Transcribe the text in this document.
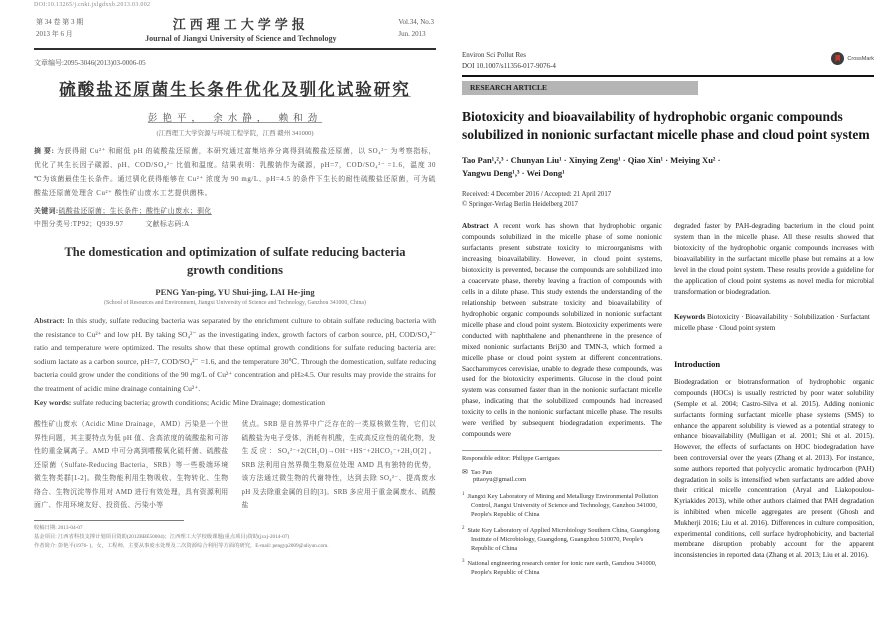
DOI:10.13265/j.cnki.jxlgdxxb.2013.03.002
第 34 卷 第 3 期
2013 年 6 月
江西理工大学学报
Journal of Jiangxi University of Science and Technology
Vol.34, No.3
Jun. 2013
文章编号:2095-3046(2013)03-0006-05
硫酸盐还原菌生长条件优化及驯化试验研究
彭艳平， 余水静， 赖和劲
(江西理工大学资源与环境工程学院，江西 赣州 341000)

摘 要: 为获得耐 Cu²⁺ 和耐低 pH 的硫酸盐还原菌，本研究通过富集培养分离得到硫酸盐还原菌，以 SO₄²⁻ 为考察指标，优化了其生长因子碳源、pH、COD/SO₄²⁻ 比值和温度。结果表明：乳酸钠作为碳源，pH=7，COD/SO₄²⁻ =1.6，温度 30 ℃为该菌最佳生长条件。通过驯化获得能够在 Cu²⁺ 浓度为 90 mg/L、pH=4.5 的条件下生长的耐性硫酸盐还原菌，可为硫酸盐还原菌处理含 Cu²⁺ 酸性矿山废水工艺提供菌株。

关键词:硫酸盐还原菌；生长条件；酸性矿山废水；驯化
中图分类号:TP92；Q939.97	文献标志码:A
The domestication and optimization of sulfate reducing bacteria
growth conditions
PENG Yan-ping, YU Shui-jing, LAI He-jing
(School of Resources and Environment, Jiangxi University of Science and Technology, Ganzhou 341000, China)

Abstract: In this study, sulfate reducing bacteria was separated by the enrichment culture to obtain sulfate reducing bacteria with the resistance to Cu²⁺ and low pH. By taking SO₄²⁻ as the investigating index, growth factors of carbon source, pH, COD/SO₄²⁻ ratio and temperature were optimized. The results show that these optimal growth conditions for sulfate reducing bacteria are: sodium lactate as a carbon source, pH=7, COD/SO₄²⁻ =1.6, and the temperature 30℃. Through the domestication, sulfate reducing bacteria could grow under the conditions of the 90 mg/L of Cu²⁺ concentration and pH≥4.5. Our results may provide the strains for the treatment of acidic mine drainage containing Cu²⁺.

Key words: sulfate reducing bacteria; growth conditions; Acidic Mine Drainage; domestication

酸性矿山废水（Acidic Mine Drainage，AMD）污染是一个世界性问题，其主要特点为低 pH 值、含高浓度的硫酸盐和可溶性的重金属离子。AMD 中可分离到嗜酸氧化硫杆菌、硫酸盐还原菌（Sulfate-Reducing Bacteria，SRB）等一些极端环境微生物类群[1-2]。微生物能利用生物吸收、生物转化、生物络合、生物沉淀等作用对 AMD 进行有效处理，具有资源利用面广、作用环境友好、投资低、污染小等

优点。SRB 是自然界中广泛存在的一类原核微生物，它们以硫酸盐为电子受体，消耗有机酸，生成高反应性的硫化物，发生反应：SO₄²⁻+2(CH₂O)→OH⁻+HS⁻+2HCO₃⁻+2H₂O[2]。SRB 法利用自然界微生物原位处理 AMD 具有独特的优势，该方法通过微生物的代谢特性，达到去除 SO₄²⁻、提高废水 pH 及去除重金属的目的[3]。SRB 多应用于重金属废水、硫酸盐

收稿日期: 2013-04-07
基金项目: 江西省科技支撑计划项目资助(2012BBE50004)；江西理工大学校级课题(重点项目)资助(jxxj-2014-07)
作者简介: 彭艳平(1976- )，女，工程师，主要从事废水处理及二次资源综合利用等方面的研究，E-mail: pengyp2009@aliyun.com.
Environ Sci Pollut Res
DOI 10.1007/s11356-017-9076-4
CrossMark
RESEARCH ARTICLE
Biotoxicity and bioavailability of hydrophobic organic compounds solubilized in nonionic surfactant micelle phase and cloud point system
Tao Pan¹,²,³ · Chunyan Liu¹ · Xinying Zeng¹ · Qiao Xin¹ · Meiying Xu² ·
Yangwu Deng¹,³ · Wei Dong¹
Received: 4 December 2016 / Accepted: 21 April 2017
© Springer-Verlag Berlin Heidelberg 2017

Abstract A recent work has shown that hydrophobic organic compounds solubilized in the micelle phase of some nonionic surfactants present substrate toxicity to microorganisms with increasing bioavailability. However, in cloud point systems, biotoxicity is prevented, because the compounds are solubilized into a coacervate phase, thereby leaving a fraction of compounds with cells in a dilute phase. This study extends the understanding of the relationship between substrate toxicity and bioavailability of hydrophobic organic compounds solubilized in nonionic surfactant micelle phase and cloud point system. Biotoxicity experiments were conducted with naphthalene and phenanthrene in the presence of mixed nonionic surfactants Brij30 and TMN-3, which formed a micelle phase or cloud point system at different concentrations. Saccharomyces cerevisiae, unable to degrade these compounds, was used for the biotoxicity experiments. Glucose in the cloud point system was consumed faster than in the nonionic surfactant micelle phase, indicating that the solubilized compounds had increased toxicity to cells in the nonionic surfactant micelle phase. The results were verified by subsequent biodegradation experiments. The compounds were

Responsible editor: Philippe Garrigues
✉ Tao Pan
pttaoyu@gmail.com
$^1$ Jiangxi Key Laboratory of Mining and Metallurgy Environmental Pollution Control, Jiangxi University of Science and Technology, Ganzhou 341000, People's Republic of China
$^2$ State Key Laboratory of Applied Microbiology Southern China, Guangdong Institute of Microbiology, Guangdong, Guangzhou 510070, People's Republic of China
$^3$ National engineering research center for ionic rare earth, Ganzhou 341000, People's Republic of China

degraded faster by PAH-degrading bacterium in the cloud point system than in the micelle phase. All these results showed that biotoxicity of the hydrophobic organic compounds increases with bioavailability in the surfactant micelle phase but remains at a low level in the cloud point system. These results provide a guideline for the application of cloud point systems as novel media for microbial transformation or biodegradation.

Keywords Biotoxicity · Bioavailability · Solubilization · Surfactant micelle phase · Cloud point system
Introduction

Biodegradation or biotransformation of hydrophobic organic compounds (HOCs) is usually restricted by poor water solubility (Semple et al. 2004; Castro-Silva et al. 2015). Adding nonionic surfactants forming surfactant micelle phase systems (SMS) to enhance the apparent solubility is viewed as a potential strategy to enhance bioavailability (Mulligan et al. 2001; Shi et al. 2015). However, the effects of surfactants on HOC biodegradation have been controversial over the years (Zhang et al. 2013). For instance, some authors reported that polycyclic aromatic hydrocarbon (PAH) degradation in soils is intensified when surfactants are added above their critical micelle concentration (Aryal and Liakopoulou-Kyriakides 2013), while other authors claimed that PAH degradation is inhibited when micelle aggregates are present (Ghosh and Mukherji 2016; Liu et al. 2016). Differences in culture composition, experimental conditions, cell surface hydrophobicity, and bacterial membrane disruption probably account for the apparent inconsistencies in reported data (Zhang et al. 2013; Liu et al. 2016).
